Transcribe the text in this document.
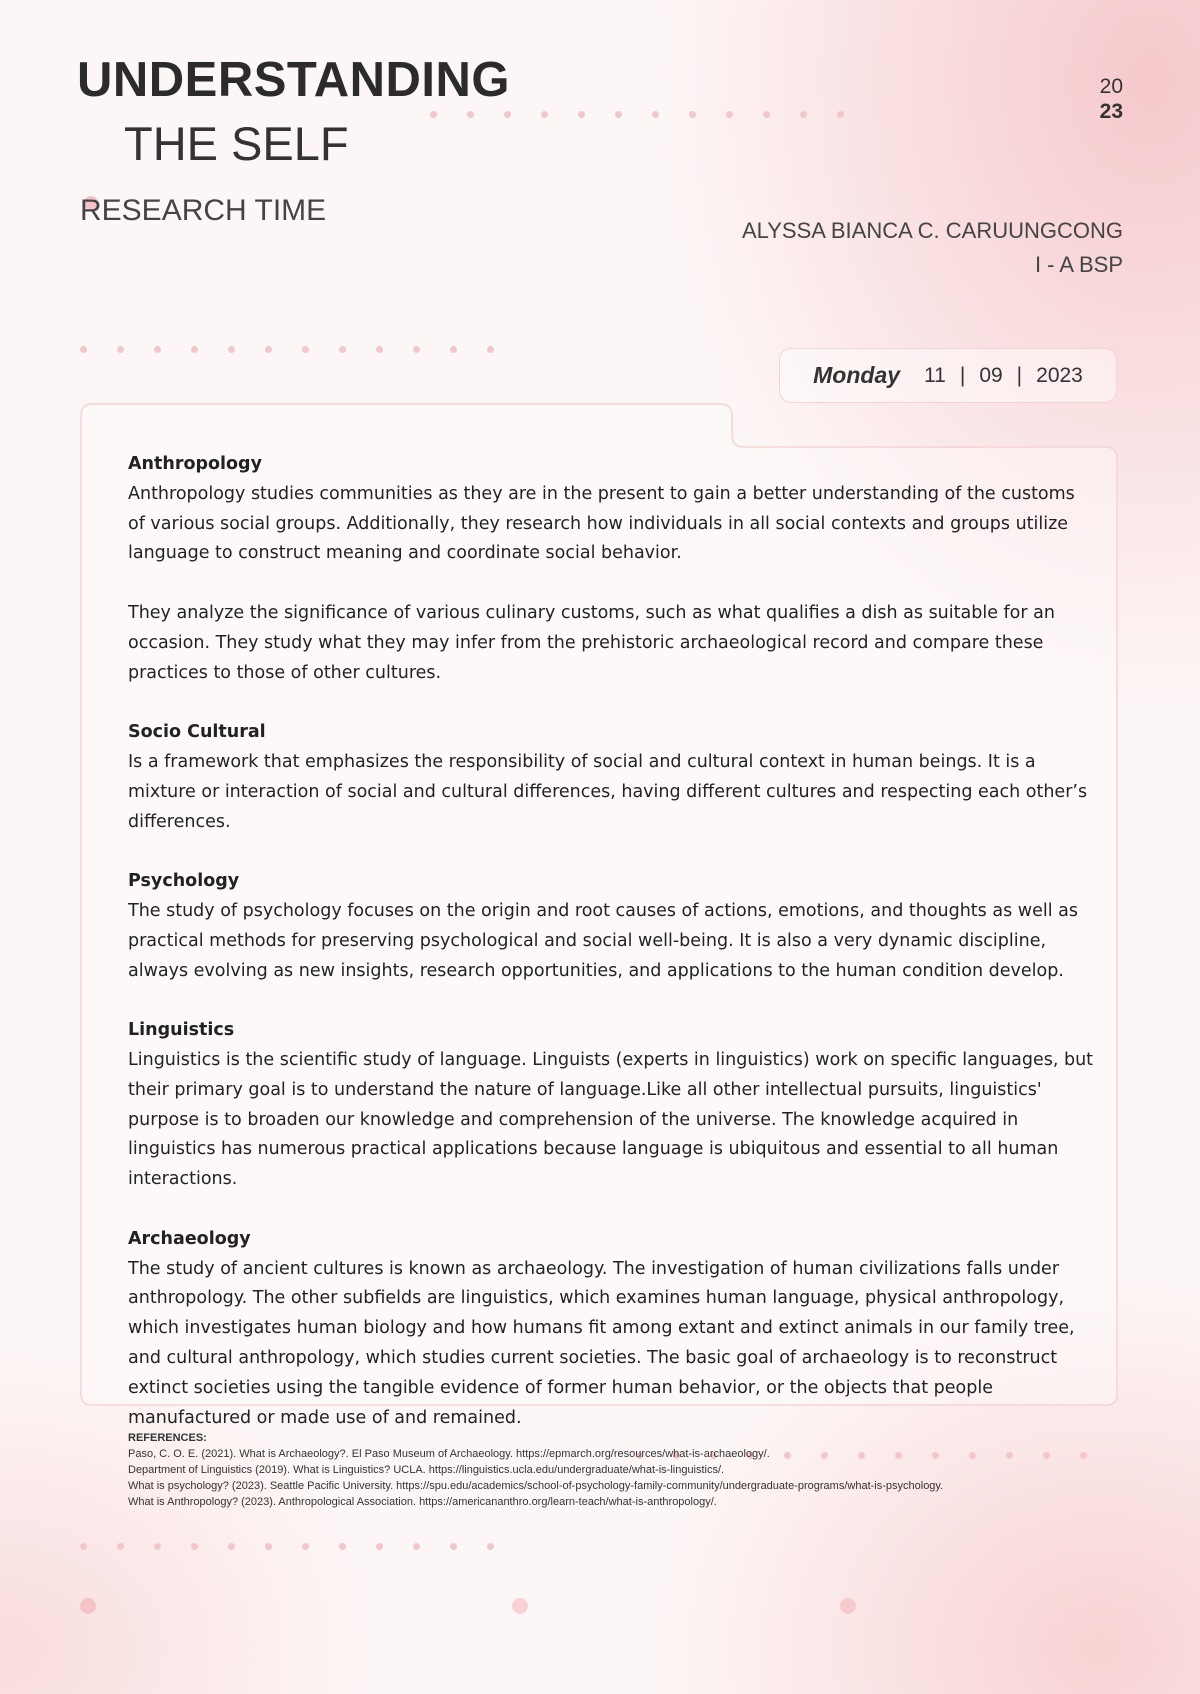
UNDERSTANDING
THE SELF
RESEARCH TIME
20
23
ALYSSA BIANCA C. CARUUNGCONG
I - A BSP
Monday 11 | 09 | 2023
Anthropology

Anthropology studies communities as they are in the present to gain a better understanding of the customs of various social groups. Additionally, they research how individuals in all social contexts and groups utilize language to construct meaning and coordinate social behavior.

They analyze the significance of various culinary customs, such as what qualifies a dish as suitable for an occasion. They study what they may infer from the prehistoric archaeological record and compare these practices to those of other cultures.

Socio Cultural

Is a framework that emphasizes the responsibility of social and cultural context in human beings. It is a mixture or interaction of social and cultural differences, having different cultures and respecting each other’s differences.

Psychology

The study of psychology focuses on the origin and root causes of actions, emotions, and thoughts as well as practical methods for preserving psychological and social well-being. It is also a very dynamic discipline, always evolving as new insights, research opportunities, and applications to the human condition develop.

Linguistics

Linguistics is the scientific study of language. Linguists (experts in linguistics) work on specific languages, but their primary goal is to understand the nature of language.Like all other intellectual pursuits, linguistics' purpose is to broaden our knowledge and comprehension of the universe. The knowledge acquired in linguistics has numerous practical applications because language is ubiquitous and essential to all human interactions.

Archaeology

The study of ancient cultures is known as archaeology. The investigation of human civilizations falls under anthropology. The other subfields are linguistics, which examines human language, physical anthropology, which investigates human biology and how humans fit among extant and extinct animals in our family tree, and cultural anthropology, which studies current societies. The basic goal of archaeology is to reconstruct extinct societies using the tangible evidence of former human behavior, or the objects that people manufactured or made use of and remained.

REFERENCES:
Paso, C. O. E. (2021). What is Archaeology?. El Paso Museum of Archaeology. https://epmarch.org/resources/what-is-archaeology/.
Department of Linguistics (2019). What is Linguistics? UCLA. https://linguistics.ucla.edu/undergraduate/what-is-linguistics/.
What is psychology? (2023). Seattle Pacific University. https://spu.edu/academics/school-of-psychology-family-community/undergraduate-programs/what-is-psychology.
What is Anthropology? (2023). Anthropological Association. https://americananthro.org/learn-teach/what-is-anthropology/.
